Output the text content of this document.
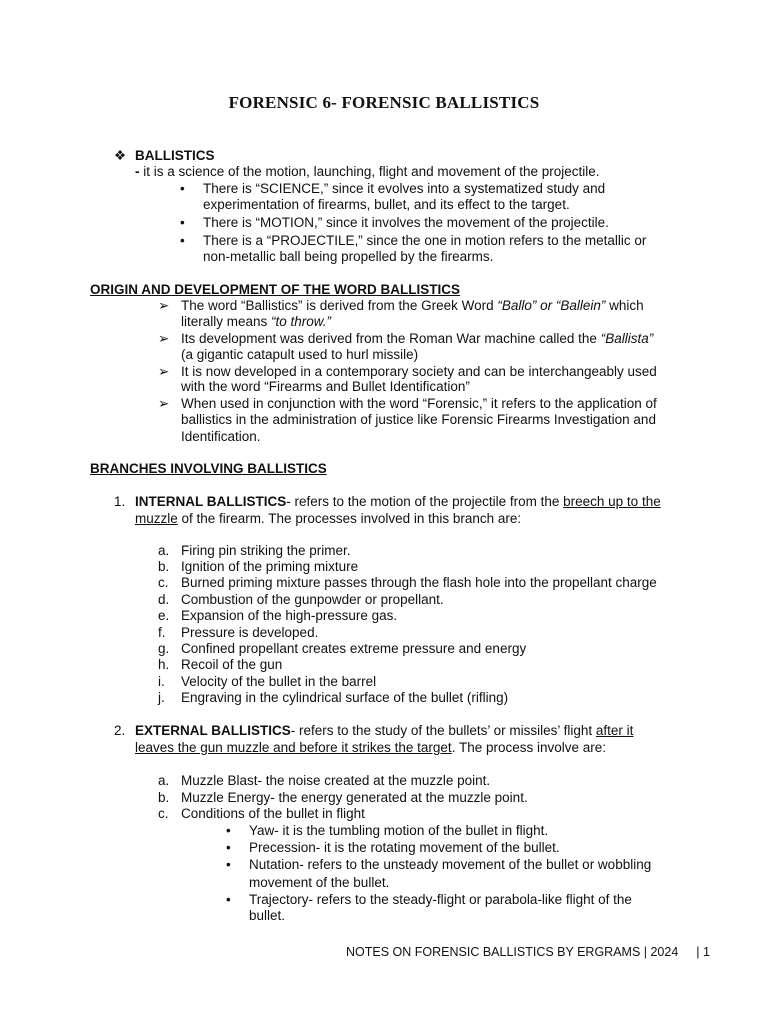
FORENSIC 6- FORENSIC BALLISTICS
❖ BALLISTICS
- it is a science of the motion, launching, flight and movement of the projectile.
• There is “SCIENCE,” since it evolves into a systematized study and
experimentation of firearms, bullet, and its effect to the target.
• There is “MOTION,” since it involves the movement of the projectile.
• There is a “PROJECTILE,” since the one in motion refers to the metallic or
non-metallic ball being propelled by the firearms.
ORIGIN AND DEVELOPMENT OF THE WORD BALLISTICS
➢ The word “Ballistics” is derived from the Greek Word “Ballo” or “Ballein” which
literally means “to throw.”
➢ Its development was derived from the Roman War machine called the “Ballista”
(a gigantic catapult used to hurl missile)
➢ It is now developed in a contemporary society and can be interchangeably used
with the word “Firearms and Bullet Identification”
➢ When used in conjunction with the word “Forensic,” it refers to the application of
ballistics in the administration of justice like Forensic Firearms Investigation and
Identification.
BRANCHES INVOLVING BALLISTICS
1. INTERNAL BALLISTICS- refers to the motion of the projectile from the breech up to the
muzzle of the firearm. The processes involved in this branch are:
a. Firing pin striking the primer.
b. Ignition of the priming mixture
c. Burned priming mixture passes through the flash hole into the propellant charge
d. Combustion of the gunpowder or propellant.
e. Expansion of the high-pressure gas.
f. Pressure is developed.
g. Confined propellant creates extreme pressure and energy
h. Recoil of the gun
i. Velocity of the bullet in the barrel
j. Engraving in the cylindrical surface of the bullet (rifling)
2. EXTERNAL BALLISTICS- refers to the study of the bullets’ or missiles’ flight after it
leaves the gun muzzle and before it strikes the target. The process involve are:
a. Muzzle Blast- the noise created at the muzzle point.
b. Muzzle Energy- the energy generated at the muzzle point.
c. Conditions of the bullet in flight
• Yaw- it is the tumbling motion of the bullet in flight.
• Precession- it is the rotating movement of the bullet.
• Nutation- refers to the unsteady movement of the bullet or wobbling
movement of the bullet.
• Trajectory- refers to the steady-flight or parabola-like flight of the
bullet.
NOTES ON FORENSIC BALLISTICS BY ERGRAMS | 2024 | 1
